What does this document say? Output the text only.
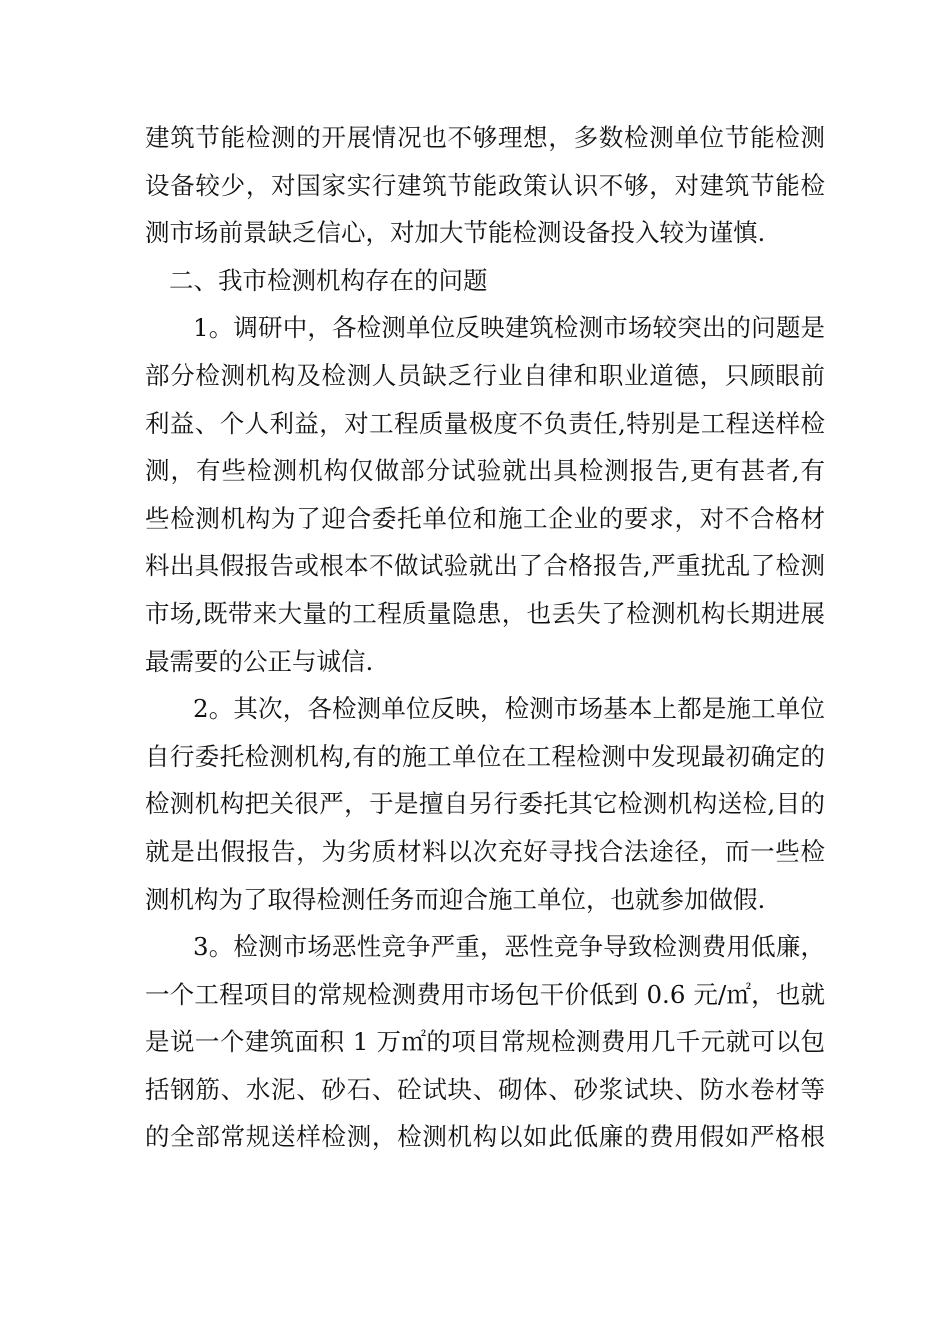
建筑节能检测的开展情况也不够理想，多数检测单位节能检测
设备较少，对国家实行建筑节能政策认识不够，对建筑节能检
测市场前景缺乏信心，对加大节能检测设备投入较为谨慎.
二、我市检测机构存在的问题
1。调研中，各检测单位反映建筑检测市场较突出的问题是
部分检测机构及检测人员缺乏行业自律和职业道德，只顾眼前
利益、个人利益，对工程质量极度不负责任,特别是工程送样检
测，有些检测机构仅做部分试验就出具检测报告,更有甚者,有
些检测机构为了迎合委托单位和施工企业的要求，对不合格材
料出具假报告或根本不做试验就出了合格报告,严重扰乱了检测
市场,既带来大量的工程质量隐患，也丢失了检测机构长期进展
最需要的公正与诚信.
2。其次，各检测单位反映，检测市场基本上都是施工单位
自行委托检测机构,有的施工单位在工程检测中发现最初确定的
检测机构把关很严，于是擅自另行委托其它检测机构送检,目的
就是出假报告，为劣质材料以次充好寻找合法途径，而一些检
测机构为了取得检测任务而迎合施工单位，也就参加做假.
3。检测市场恶性竞争严重，恶性竞争导致检测费用低廉，
一个工程项目的常规检测费用市场包干价低到 0.6 元/㎡，也就
是说一个建筑面积 1 万㎡的项目常规检测费用几千元就可以包
括钢筋、水泥、砂石、砼试块、砌体、砂浆试块、防水卷材等
的全部常规送样检测，检测机构以如此低廉的费用假如严格根
